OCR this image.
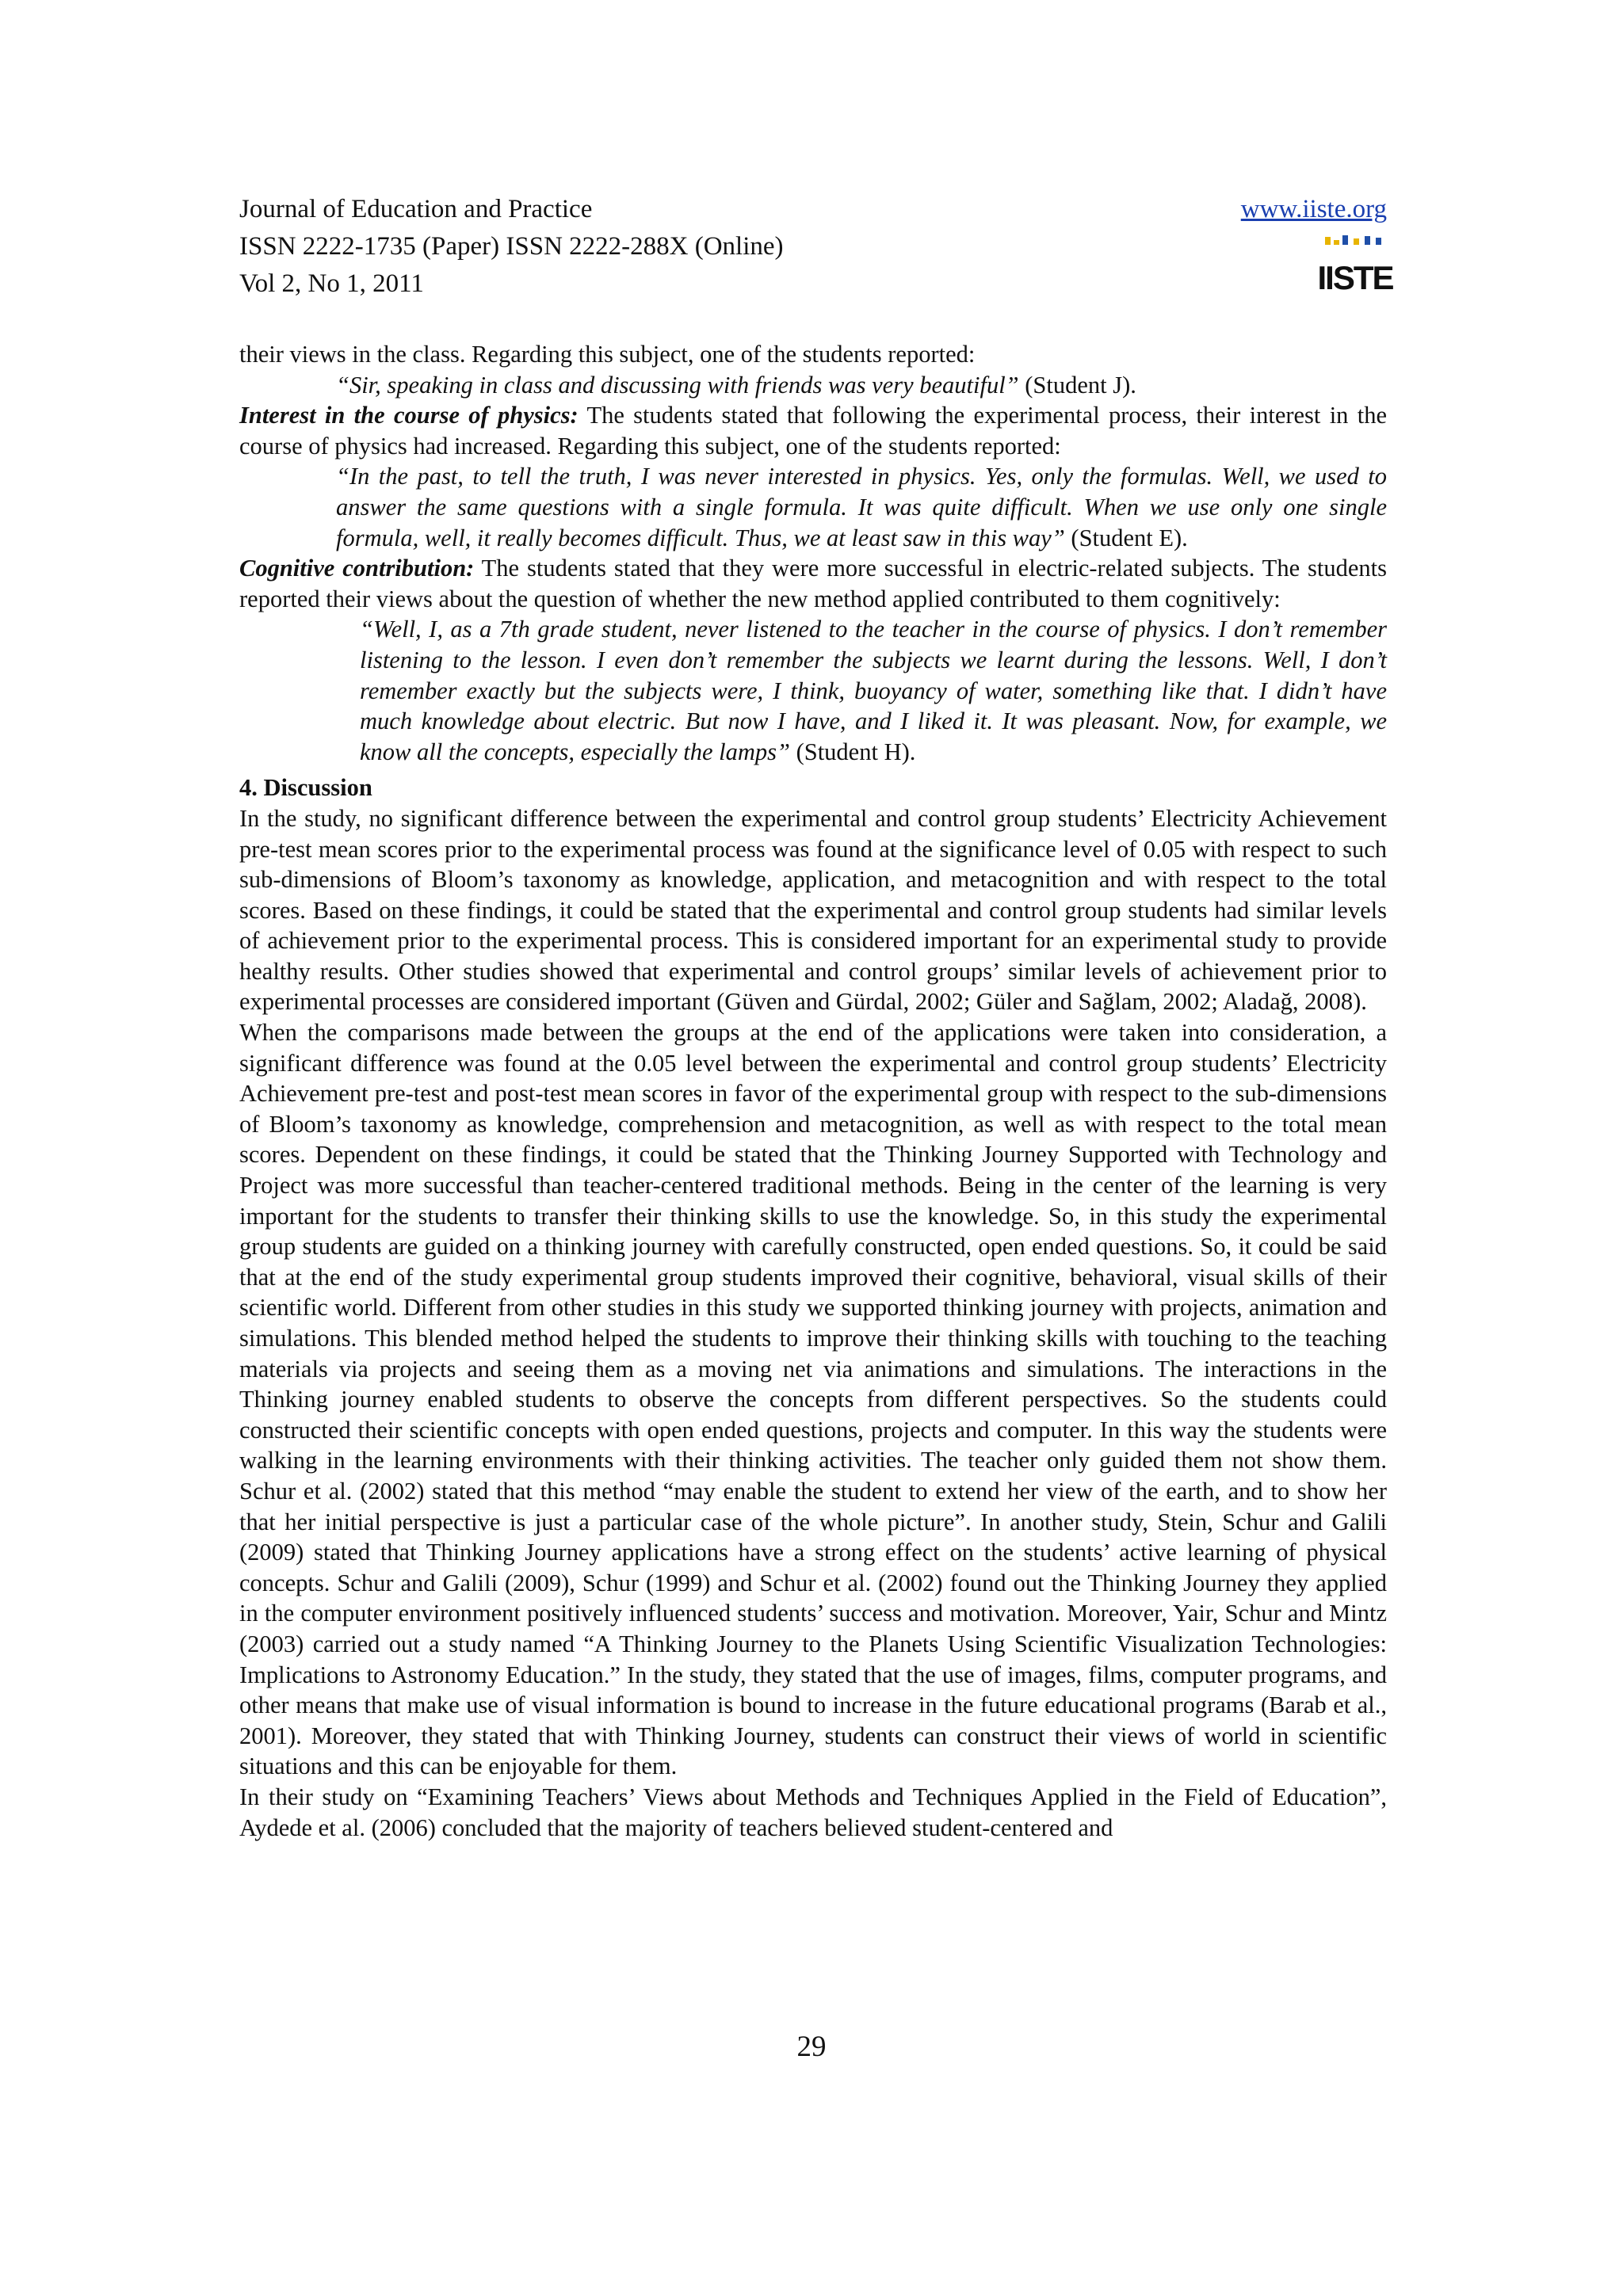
Journal of Education and Practice
ISSN 2222-1735 (Paper) ISSN 2222-288X (Online)
Vol 2, No 1, 2011
www.iiste.org
IISTE

their views in the class. Regarding this subject, one of the students reported:

“Sir, speaking in class and discussing with friends was very beautiful” (Student J).

Interest in the course of physics: The students stated that following the experimental process, their interest in the course of physics had increased. Regarding this subject, one of the students reported:

“In the past, to tell the truth, I was never interested in physics. Yes, only the formulas. Well, we used to answer the same questions with a single formula. It was quite difficult. When we use only one single formula, well, it really becomes difficult. Thus, we at least saw in this way” (Student E).

Cognitive contribution: The students stated that they were more successful in electric-related subjects. The students reported their views about the question of whether the new method applied contributed to them cognitively:

“Well, I, as a 7th grade student, never listened to the teacher in the course of physics. I don’t remember listening to the lesson. I even don’t remember the subjects we learnt during the lessons. Well, I don’t remember exactly but the subjects were, I think, buoyancy of water, something like that. I didn’t have much knowledge about electric. But now I have, and I liked it. It was pleasant. Now, for example, we know all the concepts, especially the lamps” (Student H).

4. Discussion

In the study, no significant difference between the experimental and control group students’ Electricity Achievement pre-test mean scores prior to the experimental process was found at the significance level of 0.05 with respect to such sub-dimensions of Bloom’s taxonomy as knowledge, application, and metacognition and with respect to the total scores. Based on these findings, it could be stated that the experimental and control group students had similar levels of achievement prior to the experimental process. This is considered important for an experimental study to provide healthy results. Other studies showed that experimental and control groups’ similar levels of achievement prior to experimental processes are considered important (Güven and Gürdal, 2002; Güler and Sağlam, 2002; Aladağ, 2008).

When the comparisons made between the groups at the end of the applications were taken into consideration, a significant difference was found at the 0.05 level between the experimental and control group students’ Electricity Achievement pre-test and post-test mean scores in favor of the experimental group with respect to the sub-dimensions of Bloom’s taxonomy as knowledge, comprehension and metacognition, as well as with respect to the total mean scores. Dependent on these findings, it could be stated that the Thinking Journey Supported with Technology and Project was more successful than teacher-centered traditional methods. Being in the center of the learning is very important for the students to transfer their thinking skills to use the knowledge. So, in this study the experimental group students are guided on a thinking journey with carefully constructed, open ended questions. So, it could be said that at the end of the study experimental group students improved their cognitive, behavioral, visual skills of their scientific world. Different from other studies in this study we supported thinking journey with projects, animation and simulations. This blended method helped the students to improve their thinking skills with touching to the teaching materials via projects and seeing them as a moving net via animations and simulations. The interactions in the Thinking journey enabled students to observe the concepts from different perspectives. So the students could constructed their scientific concepts with open ended questions, projects and computer. In this way the students were walking in the learning environments with their thinking activities. The teacher only guided them not show them. Schur et al. (2002) stated that this method “may enable the student to extend her view of the earth, and to show her that her initial perspective is just a particular case of the whole picture”. In another study, Stein, Schur and Galili (2009) stated that Thinking Journey applications have a strong effect on the students’ active learning of physical concepts. Schur and Galili (2009), Schur (1999) and Schur et al. (2002) found out the Thinking Journey they applied in the computer environment positively influenced students’ success and motivation. Moreover, Yair, Schur and Mintz (2003) carried out a study named “A Thinking Journey to the Planets Using Scientific Visualization Technologies: Implications to Astronomy Education.” In the study, they stated that the use of images, films, computer programs, and other means that make use of visual information is bound to increase in the future educational programs (Barab et al., 2001). Moreover, they stated that with Thinking Journey, students can construct their views of world in scientific situations and this can be enjoyable for them.

In their study on “Examining Teachers’ Views about Methods and Techniques Applied in the Field of Education”, Aydede et al. (2006) concluded that the majority of teachers believed student-centered and

29
